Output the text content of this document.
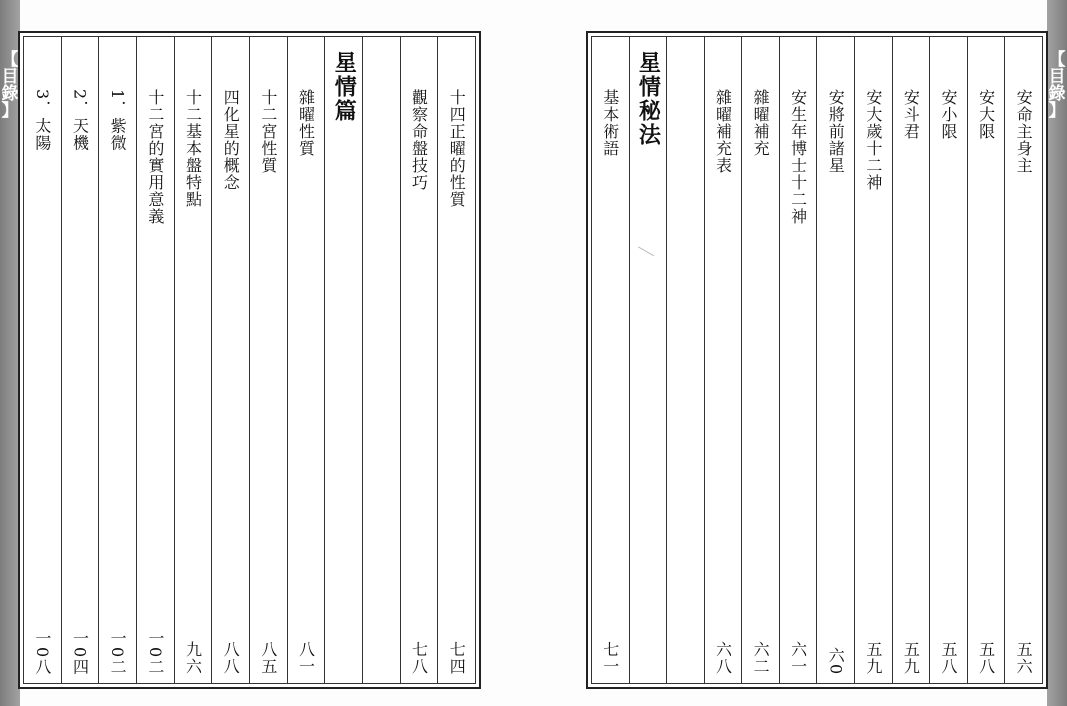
【
目
錄
】
【
目
錄
】
3．太陽
一0八
2．天機
一0四
1．紫微
一0二
十二宮的實用意義
一0二
十二基本盤特點
九六
四化星的概念
八八
十二宮性質
八五
雜曜性質
八一
星情篇
觀察命盤技巧
七八
十四正曜的性質
七四
基本術語
七一
星情秘法	雜曜補充表
六八
雜曜補充
六二
安生年博士十二神
六一
安將前諸星
六0
安大歲十二神
五九
安斗君
五九
安小限
五八
安大限
五八
安命主身主
五六
